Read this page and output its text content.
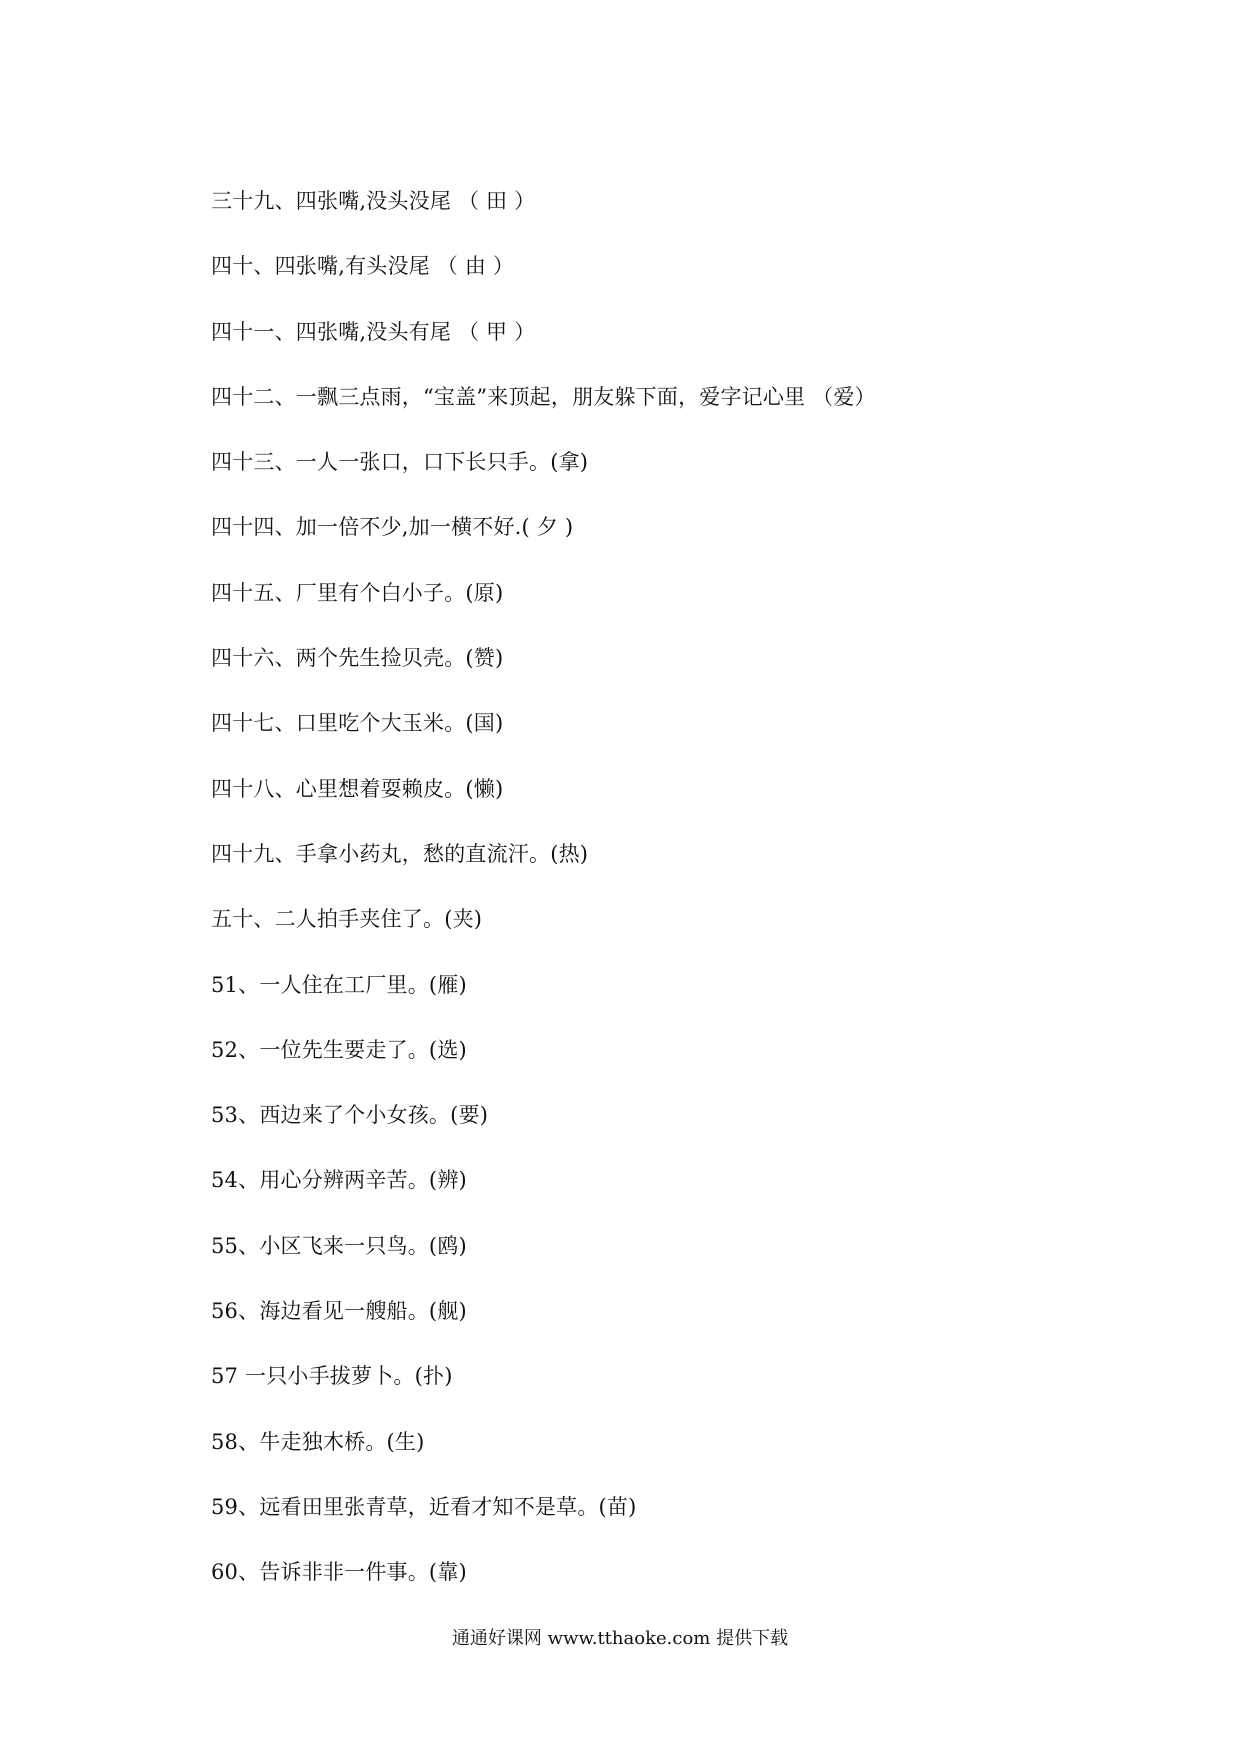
三十九、四张嘴,没头没尾 （ 田 ）
四十、四张嘴,有头没尾 （ 由 ）
四十一、四张嘴,没头有尾 （ 甲 ）
四十二、一飘三点雨，“宝盖”来顶起，朋友躲下面，爱字记心里 （爱）
四十三、一人一张口，口下长只手。(拿)
四十四、加一倍不少,加一横不好.( 夕 )
四十五、厂里有个白小子。(原)
四十六、两个先生捡贝壳。(赞)
四十七、口里吃个大玉米。(国)
四十八、心里想着耍赖皮。(懒)
四十九、手拿小药丸，愁的直流汗。(热)
五十、二人拍手夹住了。(夹)
51、一人住在工厂里。(雁)
52、一位先生要走了。(选)
53、西边来了个小女孩。(要)
54、用心分辨两辛苦。(辨)
55、小区飞来一只鸟。(鸥)
56、海边看见一艘船。(舰)
57 一只小手拔萝卜。(扑)
58、牛走独木桥。(生)
59、远看田里张青草，近看才知不是草。(苗)
60、告诉非非一件事。(靠)
通通好课网 www.tthaoke.com 提供下载
